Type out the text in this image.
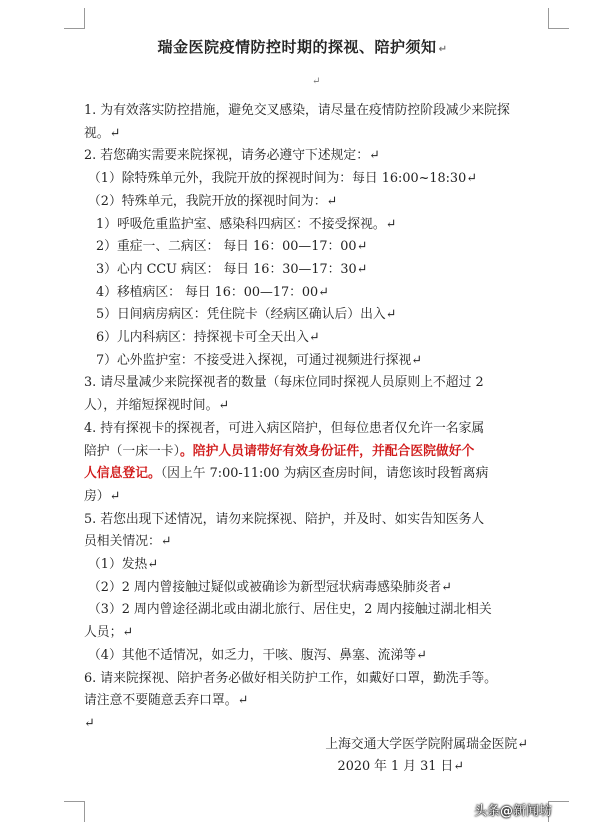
瑞金医院疫情防控时期的探视、陪护须知 ↵
↵
1. 为有效落实防控措施，避免交叉感染，请尽量在疫情防控阶段减少来院探
视。↵
2. 若您确实需要来院探视，请务必遵守下述规定：↵
（1）除特殊单元外，我院开放的探视时间为：每日 16:00~18:30↵
（2）特殊单元，我院开放的探视时间为：↵
1）呼吸危重监护室、感染科四病区：不接受探视。↵
2）重症一、二病区： 每日 16：00—17：00↵
3）心内 CCU 病区： 每日 16：30—17：30↵
4）移植病区： 每日 16：00—17：00↵
5）日间病房病区：凭住院卡（经病区确认后）出入↵
6）儿内科病区：持探视卡可全天出入↵
7）心外监护室：不接受进入探视，可通过视频进行探视↵
3. 请尽量减少来院探视者的数量（每床位同时探视人员原则上不超过 2
人），并缩短探视时间。↵
4. 持有探视卡的探视者，可进入病区陪护，但每位患者仅允许一名家属
陪护（一床一卡）。陪护人员请带好有效身份证件，并配合医院做好个
人信息登记。（因上午 7:00-11:00 为病区查房时间，请您该时段暂离病
房）↵
5. 若您出现下述情况，请勿来院探视、陪护，并及时、如实告知医务人
员相关情况：↵
（1）发热↵
（2）2 周内曾接触过疑似或被确诊为新型冠状病毒感染肺炎者↵
（3）2 周内曾途径湖北或由湖北旅行、居住史，2 周内接触过湖北相关
人员；↵
（4）其他不适情况，如乏力，干咳、腹泻、鼻塞、流涕等↵
6. 请来院探视、陪护者务必做好相关防护工作，如戴好口罩，勤洗手等。
请注意不要随意丢弃口罩。↵
↵
上海交通大学医学院附属瑞金医院↵
2020 年 1 月 31 日↵
头条@新闻坊
